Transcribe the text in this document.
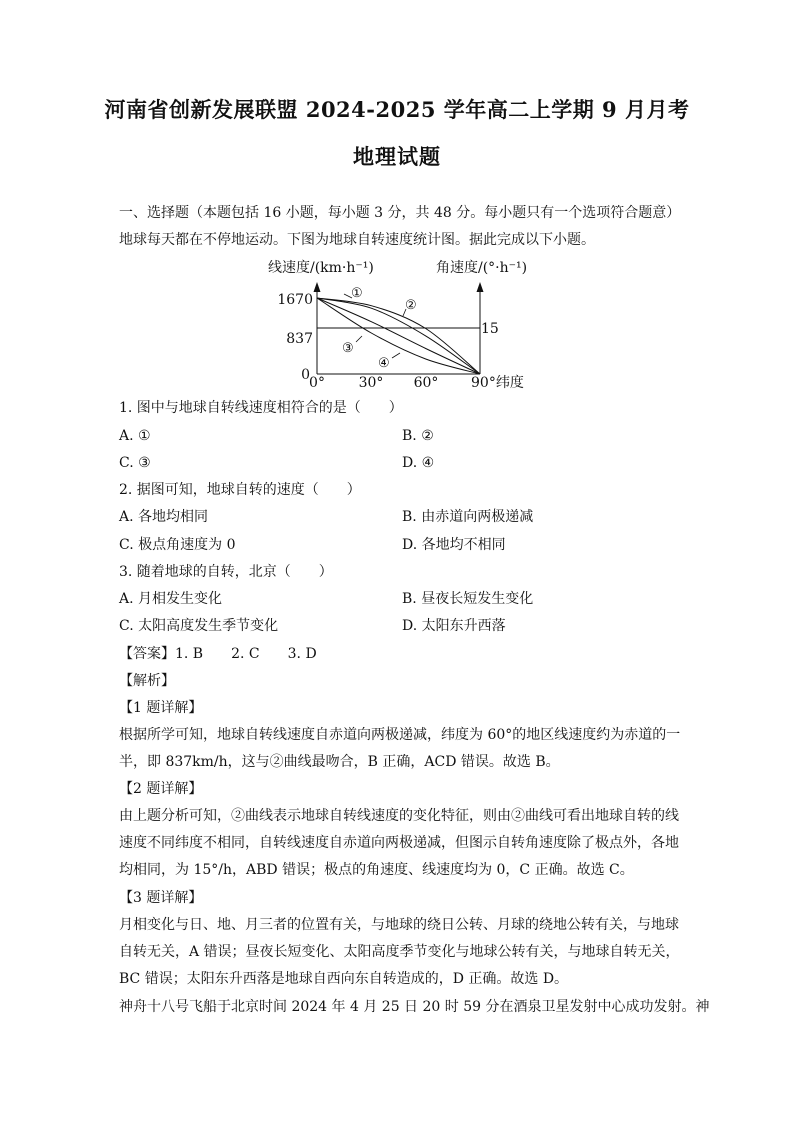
河南省创新发展联盟 2024-2025 学年高二上学期 9 月月考
地理试题
一、选择题（本题包括 16 小题，每小题 3 分，共 48 分。每小题只有一个选项符合题意）
地球每天都在不停地运动。下图为地球自转速度统计图。据此完成以下小题。
线速度/(km·h⁻¹)	角速度/(°·h⁻¹)
1670
837
0
15
0° 30° 60° 90°纬度
①
②
③
④
1. 图中与地球自转线速度相符合的是（　　）
A. ①	B. ②
C. ③	D. ④
2. 据图可知，地球自转的速度（　　）
A. 各地均相同	B. 由赤道向两极递减
C. 极点角速度为 0	D. 各地均不相同
3. 随着地球的自转，北京（　　）
A. 月相发生变化	B. 昼夜长短发生变化
C. 太阳高度发生季节变化	D. 太阳东升西落
【答案】1. B 2. C 3. D
【解析】
【1 题详解】
根据所学可知，地球自转线速度自赤道向两极递减，纬度为 60°的地区线速度约为赤道的一
半，即 837km/h，这与②曲线最吻合，B 正确，ACD 错误。故选 B。
【2 题详解】
由上题分析可知，②曲线表示地球自转线速度的变化特征，则由②曲线可看出地球自转的线
速度不同纬度不相同，自转线速度自赤道向两极递减，但图示自转角速度除了极点外，各地
均相同，为 15°/h，ABD 错误；极点的角速度、线速度均为 0，C 正确。故选 C。
【3 题详解】
月相变化与日、地、月三者的位置有关，与地球的绕日公转、月球的绕地公转有关，与地球
自转无关，A 错误；昼夜长短变化、太阳高度季节变化与地球公转有关，与地球自转无关，
BC 错误；太阳东升西落是地球自西向东自转造成的，D 正确。故选 D。
神舟十八号飞船于北京时间 2024 年 4 月 25 日 20 时 59 分在酒泉卫星发射中心成功发射。神
